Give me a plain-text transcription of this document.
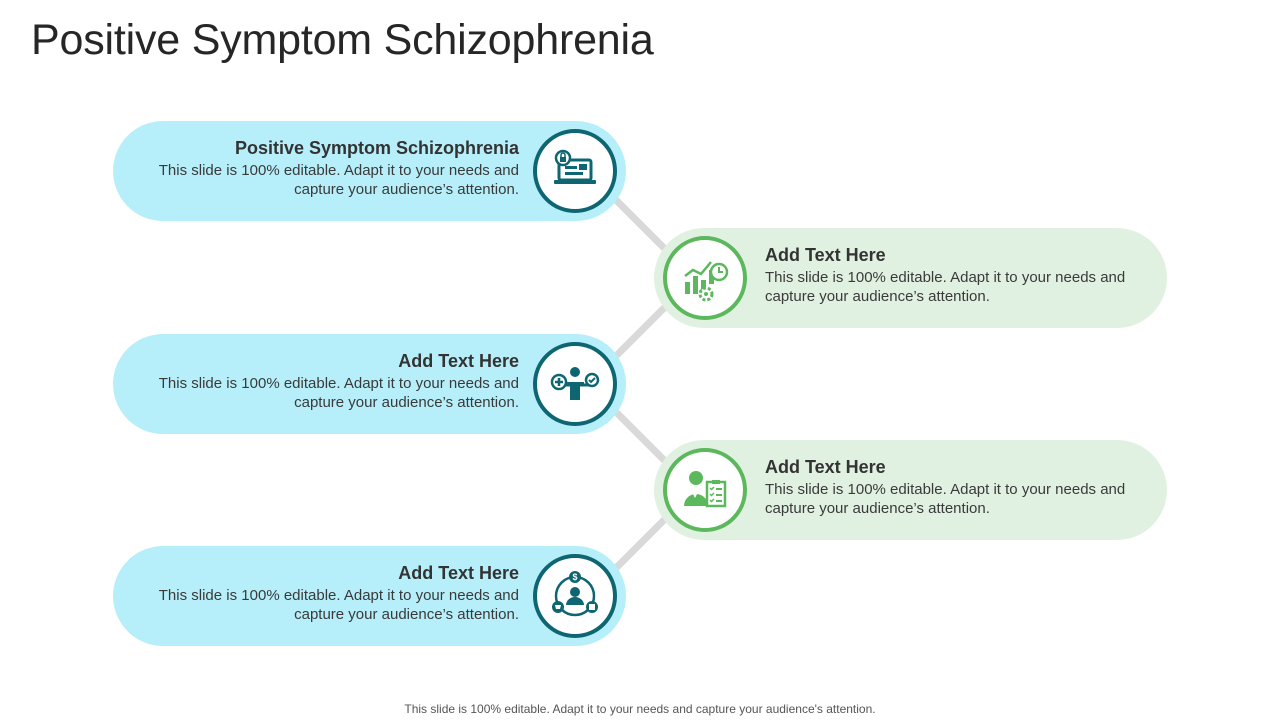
Positive Symptom Schizophrenia
Positive Symptom Schizophrenia
This slide is 100% editable. Adapt it to your needs and capture your audience’s attention.
Add Text Here
This slide is 100% editable. Adapt it to your needs and capture your audience’s attention.
Add Text Here
This slide is 100% editable. Adapt it to your needs and capture your audience’s attention.
Add Text Here
This slide is 100% editable. Adapt it to your needs and capture your audience’s attention.
Add Text Here
This slide is 100% editable. Adapt it to your needs and capture your audience’s attention.
$
This slide is 100% editable. Adapt it to your needs and capture your audience's attention.
